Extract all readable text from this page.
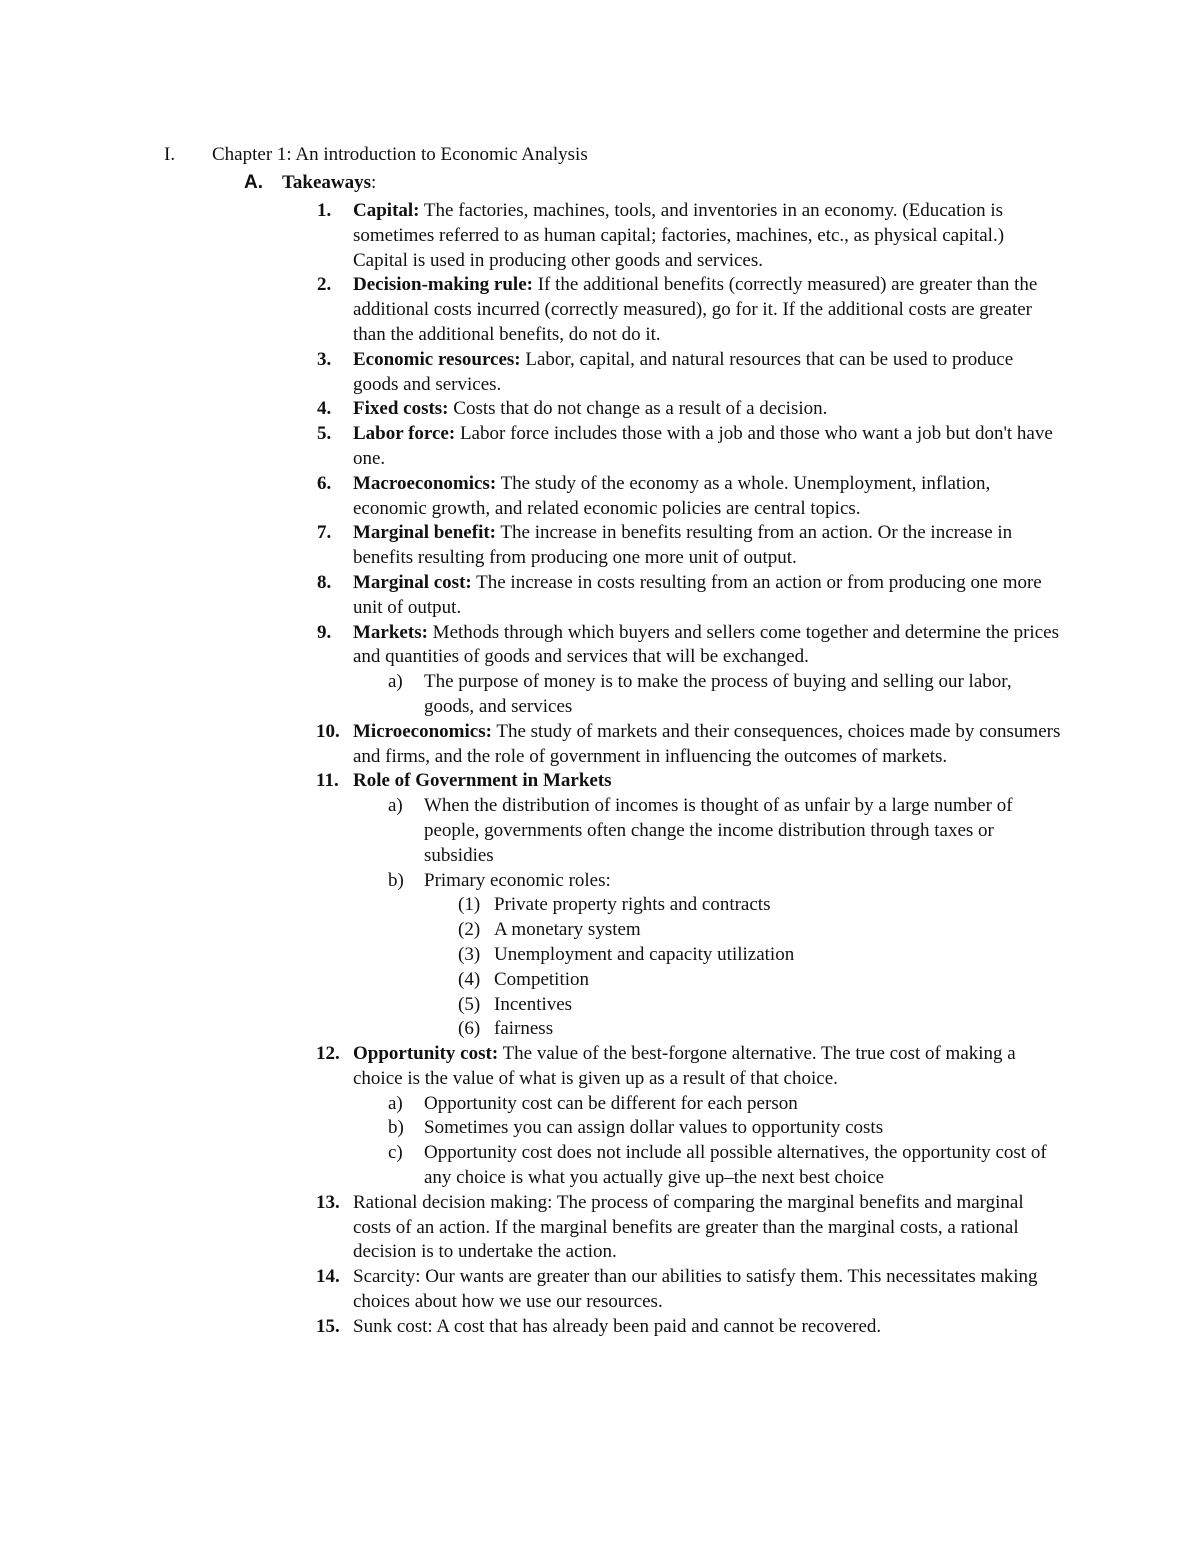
I. Chapter 1: An introduction to Economic Analysis
A. Takeaways:
1. Capital: The factories, machines, tools, and inventories in an economy. (Education is sometimes referred to as human capital; factories, machines, etc., as physical capital.) Capital is used in producing other goods and services.
2. Decision-making rule: If the additional benefits (correctly measured) are greater than the additional costs incurred (correctly measured), go for it. If the additional costs are greater than the additional benefits, do not do it.
3. Economic resources: Labor, capital, and natural resources that can be used to produce goods and services.
4. Fixed costs: Costs that do not change as a result of a decision.
5. Labor force: Labor force includes those with a job and those who want a job but don't have one.
6. Macroeconomics: The study of the economy as a whole. Unemployment, inflation, economic growth, and related economic policies are central topics.
7. Marginal benefit: The increase in benefits resulting from an action. Or the increase in benefits resulting from producing one more unit of output.
8. Marginal cost: The increase in costs resulting from an action or from producing one more unit of output.
9. Markets: Methods through which buyers and sellers come together and determine the prices and quantities of goods and services that will be exchanged.
a) The purpose of money is to make the process of buying and selling our labor, goods, and services
10. Microeconomics: The study of markets and their consequences, choices made by consumers and firms, and the role of government in influencing the outcomes of markets.
11. Role of Government in Markets
a) When the distribution of incomes is thought of as unfair by a large number of people, governments often change the income distribution through taxes or subsidies
b) Primary economic roles:
(1) Private property rights and contracts
(2) A monetary system
(3) Unemployment and capacity utilization
(4) Competition
(5) Incentives
(6) fairness
12. Opportunity cost: The value of the best-forgone alternative. The true cost of making a choice is the value of what is given up as a result of that choice.
a) Opportunity cost can be different for each person
b) Sometimes you can assign dollar values to opportunity costs
c) Opportunity cost does not include all possible alternatives, the opportunity cost of any choice is what you actually give up–the next best choice
13. Rational decision making: The process of comparing the marginal benefits and marginal costs of an action. If the marginal benefits are greater than the marginal costs, a rational decision is to undertake the action.
14. Scarcity: Our wants are greater than our abilities to satisfy them. This necessitates making choices about how we use our resources.
15. Sunk cost: A cost that has already been paid and cannot be recovered.
